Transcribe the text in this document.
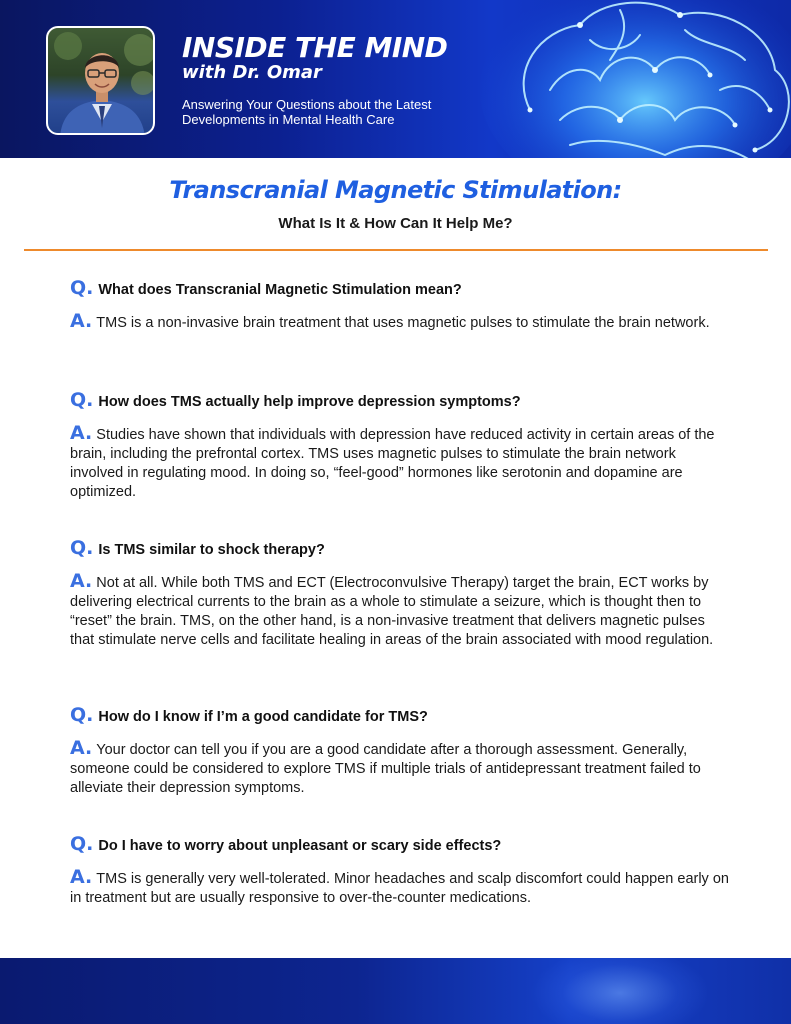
INSIDE THE MIND
with Dr. Omar
Answering Your Questions about the Latest Developments in Mental Health Care
Transcranial Magnetic Stimulation:
What Is It & How Can It Help Me?
Q. What does Transcranial Magnetic Stimulation mean?
A. TMS is a non-invasive brain treatment that uses magnetic pulses to stimulate the brain network.
Q. How does TMS actually help improve depression symptoms?
A. Studies have shown that individuals with depression have reduced activity in certain areas of the brain, including the prefrontal cortex. TMS uses magnetic pulses to stimulate the brain network involved in regulating mood. In doing so, “feel-good” hormones like serotonin and dopamine are optimized.
Q. Is TMS similar to shock therapy?
A. Not at all. While both TMS and ECT (Electroconvulsive Therapy) target the brain, ECT works by delivering electrical currents to the brain as a whole to stimulate a seizure, which is thought then to “reset” the brain. TMS, on the other hand, is a non-invasive treatment that delivers magnetic pulses that stimulate nerve cells and facilitate healing in areas of the brain associated with mood regulation.
Q. How do I know if I’m a good candidate for TMS?
A. Your doctor can tell you if you are a good candidate after a thorough assessment. Generally, someone could be considered to explore TMS if multiple trials of antidepressant treatment failed to alleviate their depression symptoms.
Q. Do I have to worry about unpleasant or scary side effects?
A. TMS is generally very well-tolerated. Minor headaches and scalp discomfort could happen early on in treatment but are usually responsive to over-the-counter medications.
